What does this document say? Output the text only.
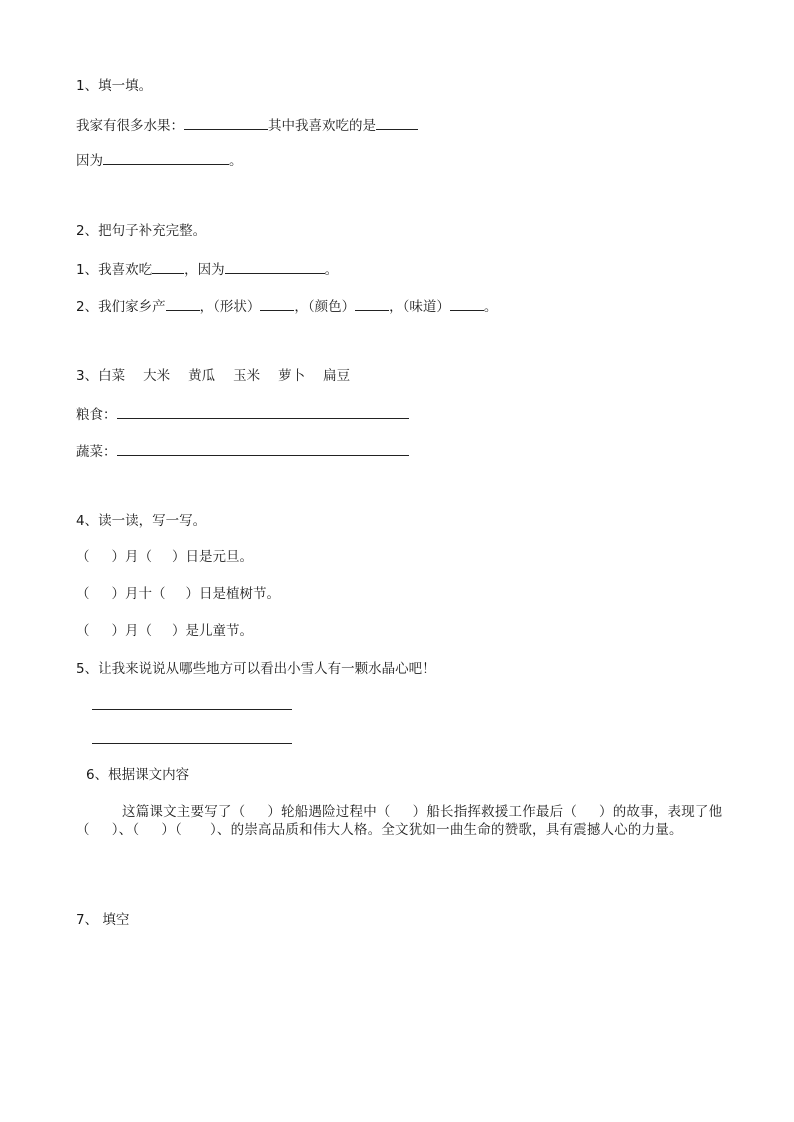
1、填一填。
我家有很多水果：	其中我喜欢吃的是
因为	。
2、把句子补充完整。
1、我喜欢吃 ，因为	。
2、我们家乡产	，（形状）	，（颜色）	，（味道）	。
3、白菜 大米 黄瓜 玉米 萝卜 扁豆
粮食：
蔬菜：
4、读一读，写一写。
（ ）月（ ）日是元旦。
（ ）月十（ ）日是植树节。
（ ）月（ ）是儿童节。
5、让我来说说从哪些地方可以看出小雪人有一颗水晶心吧！
6、根据课文内容
这篇课文主要写了（ ）轮船遇险过程中（ ）船长指挥救援工作最后（ ）的故事，表现了他（ ）、（ ）（ ）、的崇高品质和伟大人格。全文犹如一曲生命的赞歌，具有震撼人心的力量。
7、 填空
